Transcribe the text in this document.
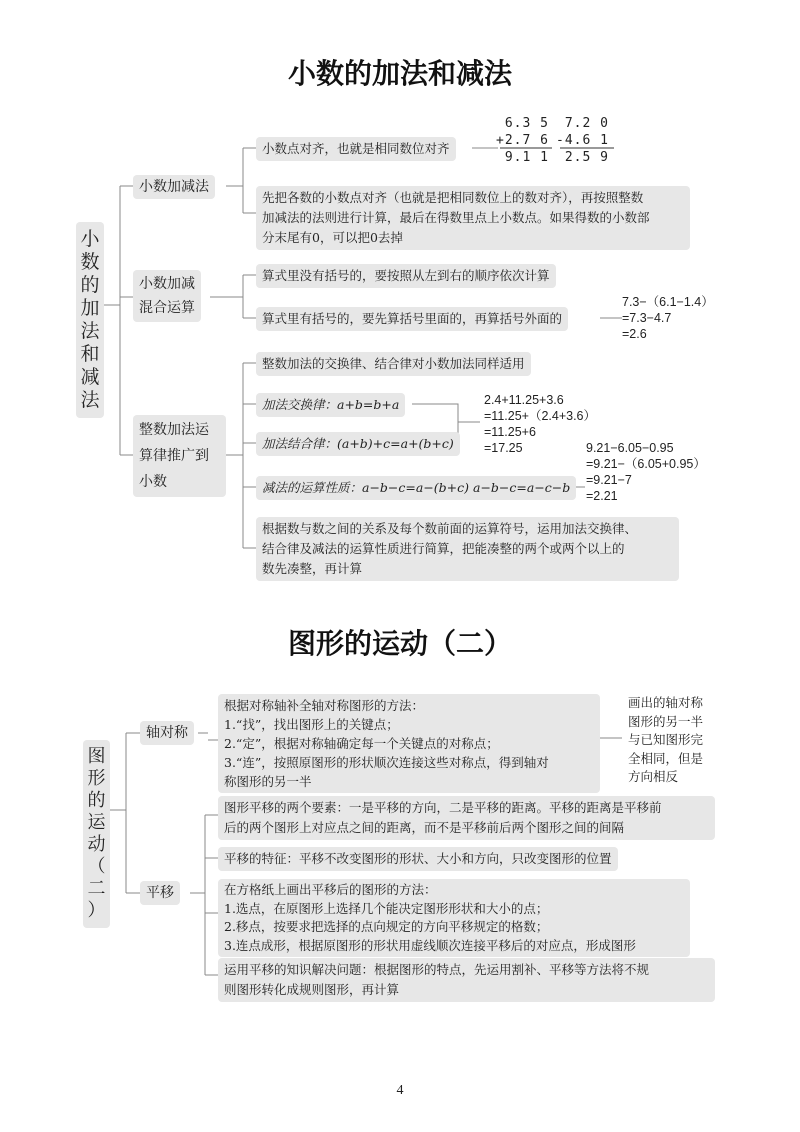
小数的加法和减法
小
数
的
加
法
和
减
法
小数加减法
小数点对齐，也就是相同数位对齐
6.3 5
+2.7 6
9.1 1
7.2 0
-4.6 1
2.5 9
先把各数的小数点对齐（也就是把相同数位上的数对齐），再按照整数
加减法的法则进行计算，最后在得数里点上小数点。如果得数的小数部
分末尾有0，可以把0去掉
小数加减
混合运算
算式里没有括号的，要按照从左到右的顺序依次计算
算式里有括号的，要先算括号里面的，再算括号外面的
7.3−（6.1−1.4）
=7.3−4.7
=2.6
整数加法运
算律推广到
小数
整数加法的交换律、结合律对小数加法同样适用
加法交换律：a+b=b+a
加法结合律：(a+b)+c=a+(b+c)
2.4+11.25+3.6
=11.25+（2.4+3.6）
=11.25+6
=17.25
减法的运算性质：a−b−c=a−(b+c) a−b−c=a−c−b
9.21−6.05−0.95
=9.21−（6.05+0.95）
=9.21−7
=2.21
根据数与数之间的关系及每个数前面的运算符号，运用加法交换律、
结合律及减法的运算性质进行简算，把能凑整的两个或两个以上的
数先凑整，再计算
图形的运动（二）
图
形
的
运
动
（
二
）
轴对称
根据对称轴补全轴对称图形的方法：
1.“找”，找出图形上的关键点；
2.“定”，根据对称轴确定每一个关键点的对称点；
3.“连”，按照原图形的形状顺次连接这些对称点，得到轴对
称图形的另一半
画出的轴对称
图形的另一半
与已知图形完
全相同，但是
方向相反
平移
图形平移的两个要素：一是平移的方向，二是平移的距离。平移的距离是平移前
后的两个图形上对应点之间的距离，而不是平移前后两个图形之间的间隔
平移的特征：平移不改变图形的形状、大小和方向，只改变图形的位置
在方格纸上画出平移后的图形的方法：
1.选点，在原图形上选择几个能决定图形形状和大小的点；
2.移点，按要求把选择的点向规定的方向平移规定的格数；
3.连点成形，根据原图形的形状用虚线顺次连接平移后的对应点，形成图形
运用平移的知识解决问题：根据图形的特点，先运用割补、平移等方法将不规
则图形转化成规则图形，再计算
4
